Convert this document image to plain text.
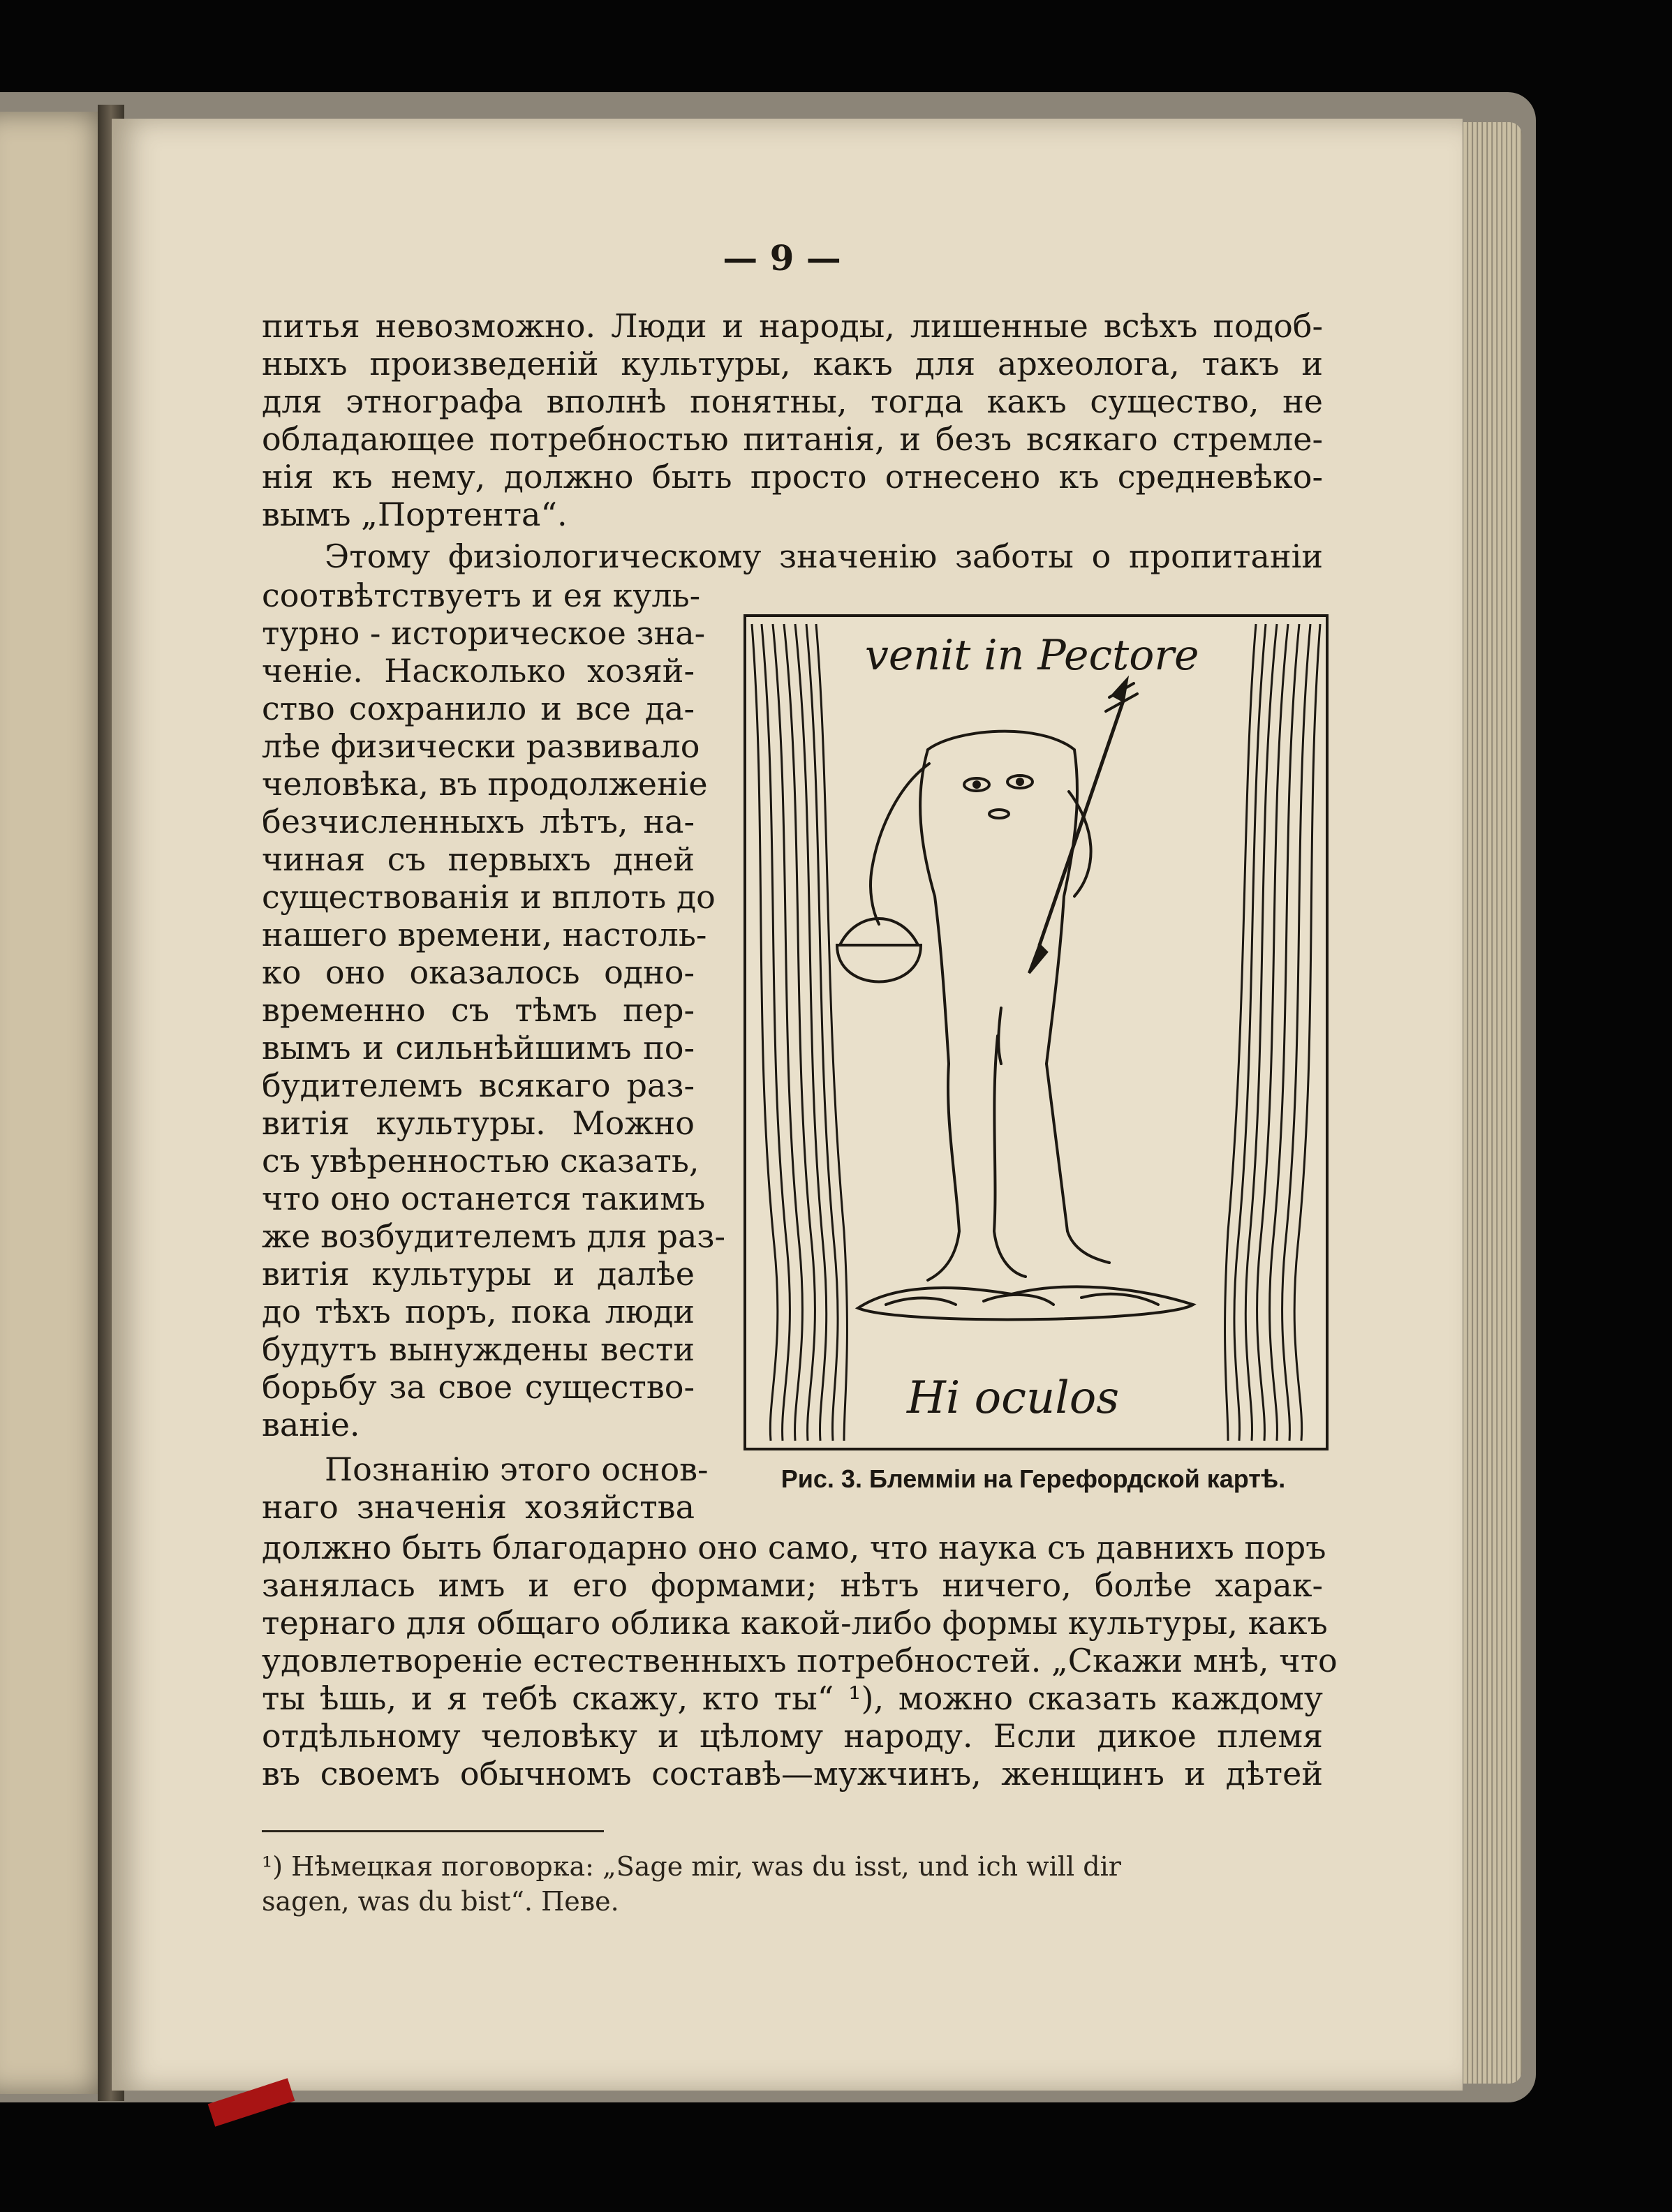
— 9 —
питья невозможно. Люди и народы, лишенные всѣхъ подоб-
ныхъ произведеній культуры, какъ для археолога, такъ и
для этнографа вполнѣ понятны, тогда какъ существо, не
обладающее потребностью питанія, и безъ всякаго стремле-
нія къ нему, должно быть просто отнесено къ средневѣко-
вымъ „Портента“.
Этому физіологическому значенію заботы о пропитаніи
соотвѣтствуетъ и ея куль-
турно - историческое зна-
ченіе. Насколько хозяй-
ство сохранило и все да-
лѣе физически развивало
человѣка, въ продолженіе
безчисленныхъ лѣтъ, на-
чиная съ первыхъ дней
существованія и вплоть до
нашего времени, настоль-
ко оно оказалось одно-
временно съ тѣмъ пер-
вымъ и сильнѣйшимъ по-
будителемъ всякаго раз-
витія культуры. Можно
съ увѣренностью сказать,
что оно останется такимъ
же возбудителемъ для раз-
витія культуры и далѣе
до тѣхъ поръ, пока люди
будутъ вынуждены вести
борьбу за свое существо-
ваніе.
Познанію этого основ-
наго значенія хозяйства
venit in Pectore
Hi oculos
Рис. 3. Блемміи на Герефордской картѣ.
должно быть благодарно оно само, что наука съ давнихъ поръ
занялась имъ и его формами; нѣтъ ничего, болѣе харак-
тернаго для общаго облика какой-либо формы культуры, какъ
удовлетвореніе естественныхъ потребностей. „Скажи мнѣ, что
ты ѣшь, и я тебѣ скажу, кто ты“ ¹), можно сказать каждому
отдѣльному человѣку и цѣлому народу. Если дикое племя
въ своемъ обычномъ составѣ—мужчинъ, женщинъ и дѣтей
¹) Нѣмецкая поговорка: „Sage mir, was du isst, und ich will dir
sagen, was du bist“. Певе.
